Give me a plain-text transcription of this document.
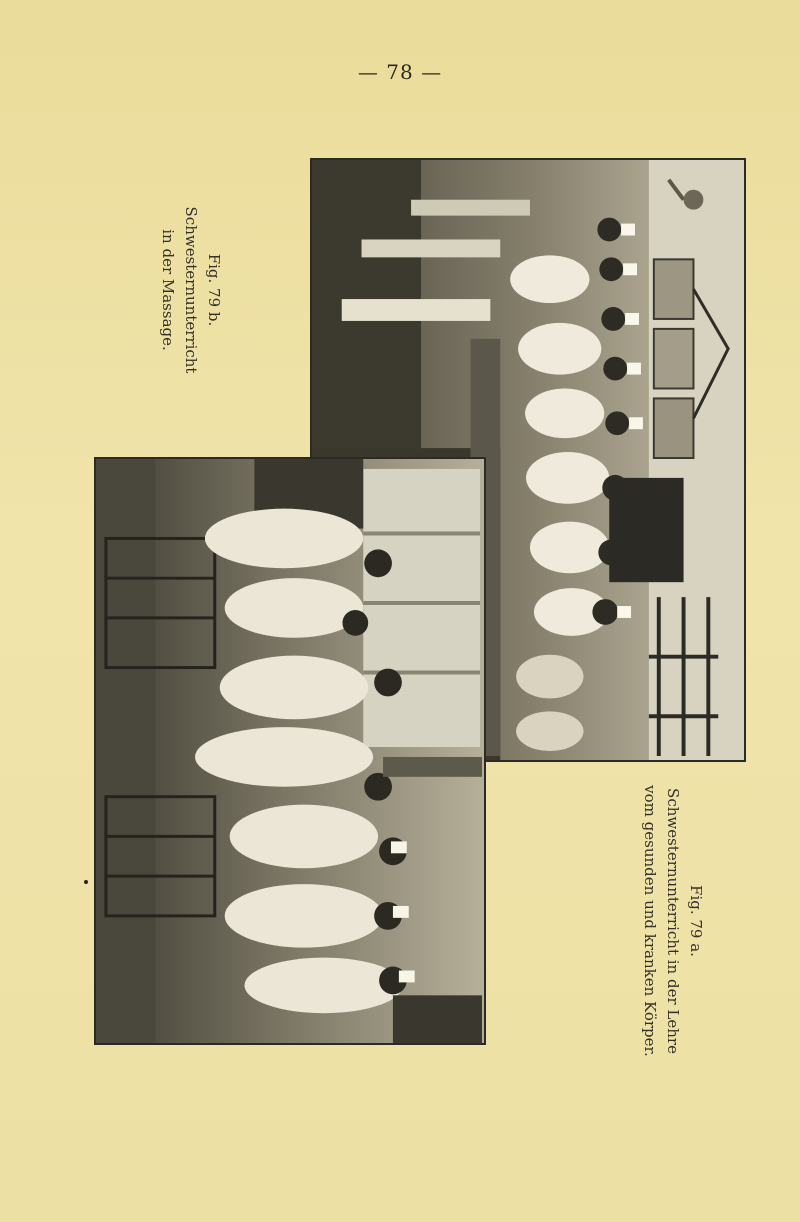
— 78 —
Fig. 79 a.
Schwesternunterricht in der Lehre
vom gesunden und kranken Körper.
Fig. 79 b.
Schwesternunterricht
in der Massage.
